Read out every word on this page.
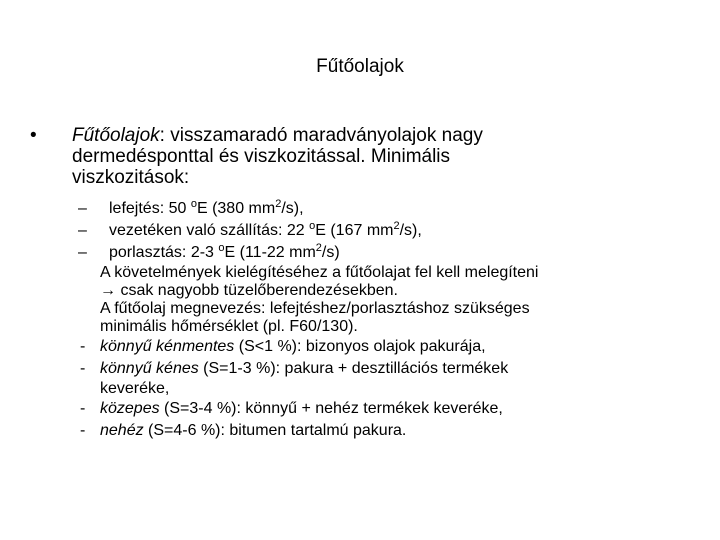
Fűtőolajok
• Fűtőolajok: visszamaradó maradványolajok nagy
dermedésponttal és viszkozitással. Minimális
viszkozitások:
– lefejtés: 50 $^o$E (380 $mm^2/s$),
– vezetéken való szállítás: 22 $^o$E (167 $mm^2/s$),
– porlasztás: 2-3 $^o$E (11-22 $mm^2/s$)
A követelmények kielégítéséhez a fűtőolajat fel kell melegíteni
→ csak nagyobb tüzelőberendezésekben.
A fűtőolaj megnevezés: lefejtéshez/porlasztáshoz szükséges
minimális hőmérséklet (pl. F60/130).
- könnyű kénmentes (S<1 %): bizonyos olajok pakurája,
- könnyű kénes (S=1-3 %): pakura + desztillációs termékek
keveréke,
- közepes (S=3-4 %): könnyű + nehéz termékek keveréke,
- nehéz (S=4-6 %): bitumen tartalmú pakura.
